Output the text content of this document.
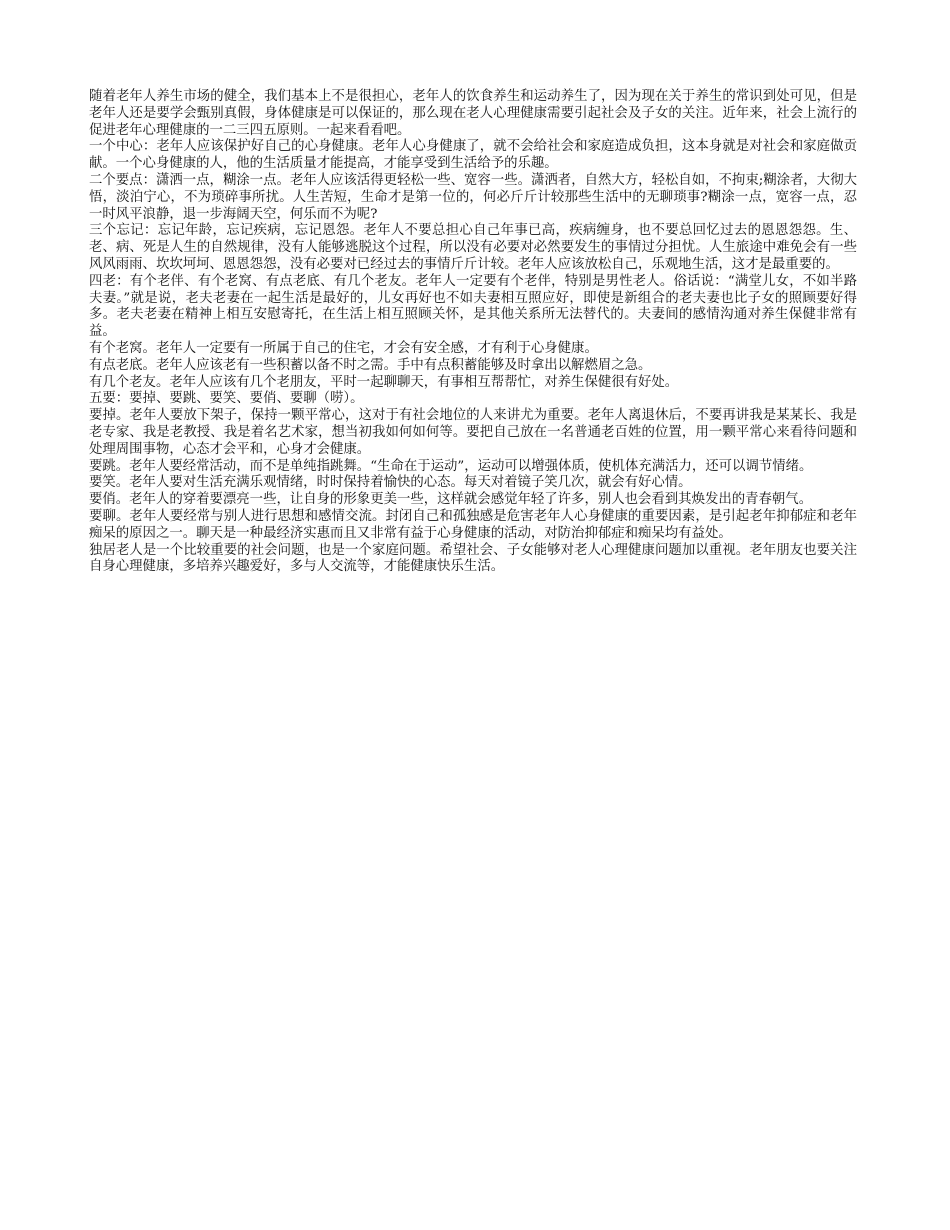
随着老年人养生市场的健全，我们基本上不是很担心，老年人的饮食养生和运动养生了，因为现在关于养生的常识到处可见，但是老年人还是要学会甄别真假，身体健康是可以保证的，那么现在老人心理健康需要引起社会及子女的关注。近年来，社会上流行的促进老年心理健康的一二三四五原则。一起来看看吧。

一个中心：老年人应该保护好自己的心身健康。老年人心身健康了，就不会给社会和家庭造成负担，这本身就是对社会和家庭做贡献。一个心身健康的人，他的生活质量才能提高，才能享受到生活给予的乐趣。

二个要点：潇洒一点，糊涂一点。老年人应该活得更轻松一些、宽容一些。潇洒者，自然大方，轻松自如，不拘束;糊涂者，大彻大悟，淡泊宁心，不为琐碎事所扰。人生苦短，生命才是第一位的，何必斤斤计较那些生活中的无聊琐事?糊涂一点，宽容一点，忍一时风平浪静，退一步海阔天空，何乐而不为呢?

三个忘记：忘记年龄，忘记疾病，忘记恩怨。老年人不要总担心自己年事已高，疾病缠身，也不要总回忆过去的恩恩怨怨。生、老、病、死是人生的自然规律，没有人能够逃脱这个过程，所以没有必要对必然要发生的事情过分担忧。人生旅途中难免会有一些风风雨雨、坎坎坷坷、恩恩怨怨，没有必要对已经过去的事情斤斤计较。老年人应该放松自己，乐观地生活，这才是最重要的。

四老：有个老伴、有个老窝、有点老底、有几个老友。老年人一定要有个老伴，特别是男性老人。俗话说：“满堂儿女，不如半路夫妻。”就是说，老夫老妻在一起生活是最好的，儿女再好也不如夫妻相互照应好，即使是新组合的老夫妻也比子女的照顾要好得多。老夫老妻在精神上相互安慰寄托，在生活上相互照顾关怀，是其他关系所无法替代的。夫妻间的感情沟通对养生保健非常有益。

有个老窝。老年人一定要有一所属于自己的住宅，才会有安全感，才有利于心身健康。

有点老底。老年人应该老有一些积蓄以备不时之需。手中有点积蓄能够及时拿出以解燃眉之急。

有几个老友。老年人应该有几个老朋友，平时一起聊聊天，有事相互帮帮忙，对养生保健很有好处。

五要：要掉、要跳、要笑、要俏、要聊（唠）。

要掉。老年人要放下架子，保持一颗平常心，这对于有社会地位的人来讲尤为重要。老年人离退休后，不要再讲我是某某长、我是老专家、我是老教授、我是着名艺术家，想当初我如何如何等。要把自己放在一名普通老百姓的位置，用一颗平常心来看待问题和处理周围事物，心态才会平和，心身才会健康。

要跳。老年人要经常活动，而不是单纯指跳舞。“生命在于运动”，运动可以增强体质，使机体充满活力，还可以调节情绪。

要笑。老年人要对生活充满乐观情绪，时时保持着愉快的心态。每天对着镜子笑几次，就会有好心情。

要俏。老年人的穿着要漂亮一些，让自身的形象更美一些，这样就会感觉年轻了许多，别人也会看到其焕发出的青春朝气。

要聊。老年人要经常与别人进行思想和感情交流。封闭自己和孤独感是危害老年人心身健康的重要因素，是引起老年抑郁症和老年痴呆的原因之一。聊天是一种最经济实惠而且又非常有益于心身健康的活动，对防治抑郁症和痴呆均有益处。

独居老人是一个比较重要的社会问题，也是一个家庭问题。希望社会、子女能够对老人心理健康问题加以重视。老年朋友也要关注自身心理健康，多培养兴趣爱好，多与人交流等，才能健康快乐生活。
